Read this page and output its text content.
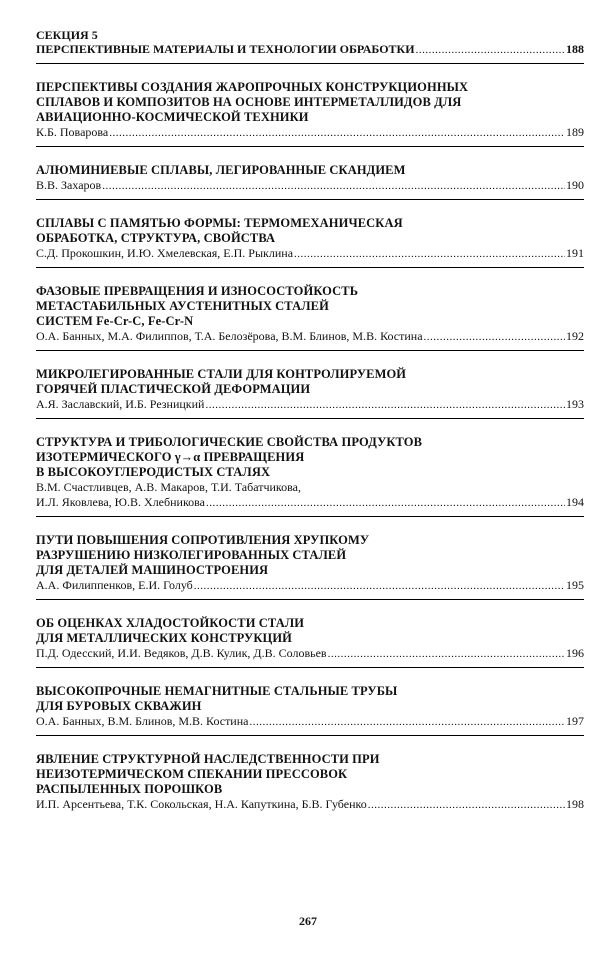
СЕКЦИЯ 5
ПЕРСПЕКТИВНЫЕ МАТЕРИАЛЫ И ТЕХНОЛОГИИ ОБРАБОТКИ .....	188
ПЕРСПЕКТИВЫ СОЗДАНИЯ ЖАРОПРОЧНЫХ КОНСТРУКЦИОННЫХ
СПЛАВОВ И КОМПОЗИТОВ НА ОСНОВЕ ИНТЕРМЕТАЛЛИДОВ ДЛЯ
АВИАЦИОННО-КОСМИЧЕСКОЙ ТЕХНИКИ
К.Б. Поварова .....	189
АЛЮМИНИЕВЫЕ СПЛАВЫ, ЛЕГИРОВАННЫЕ СКАНДИЕМ
В.В. Захаров .....	190
СПЛАВЫ С ПАМЯТЬЮ ФОРМЫ: ТЕРМОМЕХАНИЧЕСКАЯ
ОБРАБОТКА, СТРУКТУРА, СВОЙСТВА
С.Д. Прокошкин, И.Ю. Хмелевская, Е.П. Рыклина .....	191
ФАЗОВЫЕ ПРЕВРАЩЕНИЯ И ИЗНОСОСТОЙКОСТЬ
МЕТАСТАБИЛЬНЫХ АУСТЕНИТНЫХ СТАЛЕЙ
СИСТЕМ Fe-Cr-C, Fe-Cr-N
О.А. Банных, М.А. Филиппов, Т.А. Белозёрова, В.М. Блинов, М.В. Костина .....	192
МИКРОЛЕГИРОВАННЫЕ СТАЛИ ДЛЯ КОНТРОЛИРУЕМОЙ
ГОРЯЧЕЙ ПЛАСТИЧЕСКОЙ ДЕФОРМАЦИИ
А.Я. Заславский, И.Б. Резницкий .....	193
СТРУКТУРА И ТРИБОЛОГИЧЕСКИЕ СВОЙСТВА ПРОДУКТОВ
ИЗОТЕРМИЧЕСКОГО γ→α ПРЕВРАЩЕНИЯ
В ВЫСОКОУГЛЕРОДИСТЫХ СТАЛЯХ
В.М. Счастливцев, А.В. Макаров, Т.И. Табатчикова,
И.Л. Яковлева, Ю.В. Хлебникова .....	194
ПУТИ ПОВЫШЕНИЯ СОПРОТИВЛЕНИЯ ХРУПКОМУ
РАЗРУШЕНИЮ НИЗКОЛЕГИРОВАННЫХ СТАЛЕЙ
ДЛЯ ДЕТАЛЕЙ МАШИНОСТРОЕНИЯ
А.А. Филиппенков, Е.И. Голуб .....	195
ОБ ОЦЕНКАХ ХЛАДОСТОЙКОСТИ СТАЛИ
ДЛЯ МЕТАЛЛИЧЕСКИХ КОНСТРУКЦИЙ
П.Д. Одесский, И.И. Ведяков, Д.В. Кулик, Д.В. Соловьев .....	196
ВЫСОКОПРОЧНЫЕ НЕМАГНИТНЫЕ СТАЛЬНЫЕ ТРУБЫ
ДЛЯ БУРОВЫХ СКВАЖИН
О.А. Банных, В.М. Блинов, М.В. Костина .....	197
ЯВЛЕНИЕ СТРУКТУРНОЙ НАСЛЕДСТВЕННОСТИ ПРИ
НЕИЗОТЕРМИЧЕСКОМ СПЕКАНИИ ПРЕССОВОК
РАСПЫЛЕННЫХ ПОРОШКОВ
И.П. Арсентьева, Т.К. Сокольская, Н.А. Капуткина, Б.В. Губенко .....	198
267
